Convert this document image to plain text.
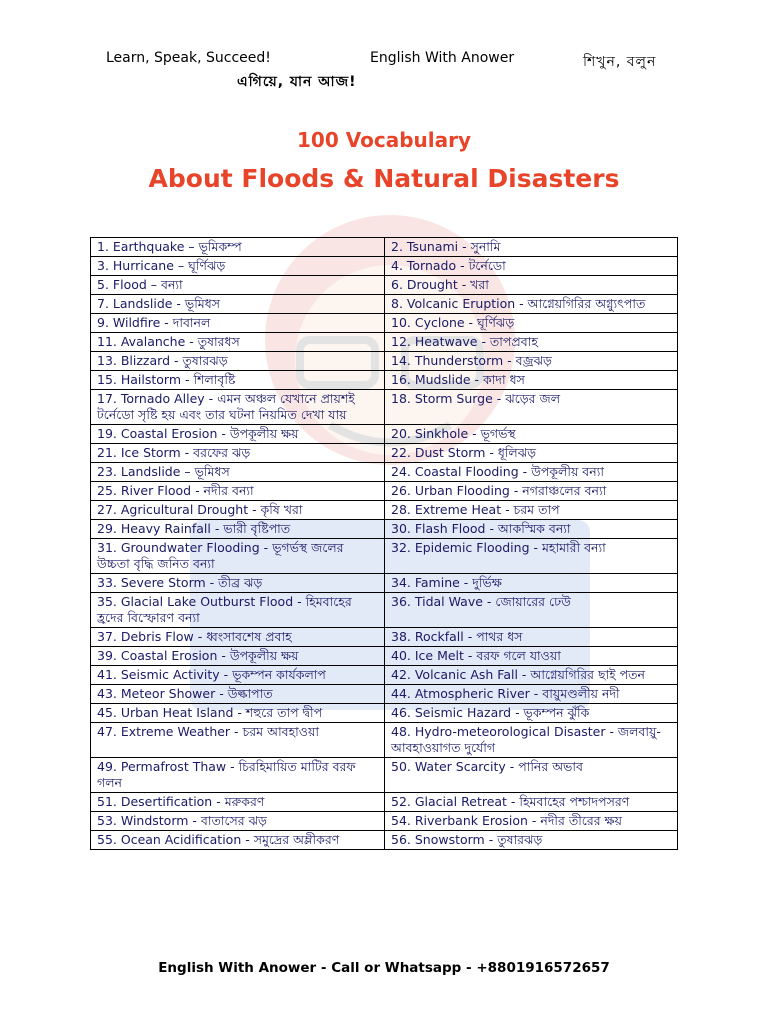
Learn, Speak, Succeed!	English With Anower	শিখুন, বলুন
এগিয়ে, যান আজ!
100 Vocabulary
About Floods & Natural Disasters
1. Earthquake – ভূমিকম্প	2. Tsunami - সুনামি
3. Hurricane – ঘূর্ণিঝড়	4. Tornado - টর্নেডো
5. Flood – বন্যা	6. Drought - খরা
7. Landslide - ভূমিধস	8. Volcanic Eruption - আগ্নেয়গিরির অগ্ন্যুৎপাত
9. Wildfire - দাবানল	10. Cyclone - ঘূর্ণিঝড়
11. Avalanche - তুষারধস	12. Heatwave - তাপপ্রবাহ
13. Blizzard - তুষারঝড়	14. Thunderstorm - বজ্রঝড়
15. Hailstorm - শিলাবৃষ্টি	16. Mudslide - কাদা ধস
17. Tornado Alley - এমন অঞ্চল যেখানে প্রায়শই টর্নেডো সৃষ্টি হয় এবং তার ঘটনা নিয়মিত দেখা যায়	18. Storm Surge - ঝড়ের জল
19. Coastal Erosion - উপকূলীয় ক্ষয়	20. Sinkhole - ভূগর্ভস্থ
21. Ice Storm - বরফের ঝড়	22. Dust Storm - ধূলিঝড়
23. Landslide – ভূমিধস	24. Coastal Flooding - উপকূলীয় বন্যা
25. River Flood - নদীর বন্যা	26. Urban Flooding - নগরাঞ্চলের বন্যা
27. Agricultural Drought - কৃষি খরা	28. Extreme Heat - চরম তাপ
29. Heavy Rainfall - ভারী বৃষ্টিপাত	30. Flash Flood - আকস্মিক বন্যা
31. Groundwater Flooding - ভূগর্ভস্থ জলের উচ্চতা বৃদ্ধি জনিত বন্যা	32. Epidemic Flooding - মহামারী বন্যা
33. Severe Storm - তীব্র ঝড়	34. Famine - দুর্ভিক্ষ
35. Glacial Lake Outburst Flood - হিমবাহের হ্রদের বিস্ফোরণ বন্যা	36. Tidal Wave - জোয়ারের ঢেউ
37. Debris Flow - ধ্বংসাবশেষ প্রবাহ	38. Rockfall - পাথর ধস
39. Coastal Erosion - উপকূলীয় ক্ষয়	40. Ice Melt - বরফ গলে যাওয়া
41. Seismic Activity - ভূকম্পন কার্যকলাপ	42. Volcanic Ash Fall - আগ্নেয়গিরির ছাই পতন
43. Meteor Shower - উল্কাপাত	44. Atmospheric River - বায়ুমণ্ডলীয় নদী
45. Urban Heat Island - শহুরে তাপ দ্বীপ	46. Seismic Hazard - ভূকম্পন ঝুঁকি
47. Extreme Weather - চরম আবহাওয়া	48. Hydro-meteorological Disaster - জলবায়ু-আবহাওয়াগত দুর্যোগ
49. Permafrost Thaw - চিরহিমায়িত মাটির বরফ গলন	50. Water Scarcity - পানির অভাব
51. Desertification - মরুকরণ	52. Glacial Retreat - হিমবাহের পশ্চাদপসরণ
53. Windstorm - বাতাসের ঝড়	54. Riverbank Erosion - নদীর তীরের ক্ষয়
55. Ocean Acidification - সমুদ্রের অম্লীকরণ	56. Snowstorm - তুষারঝড়
English With Anower - Call or Whatsapp - +8801916572657
